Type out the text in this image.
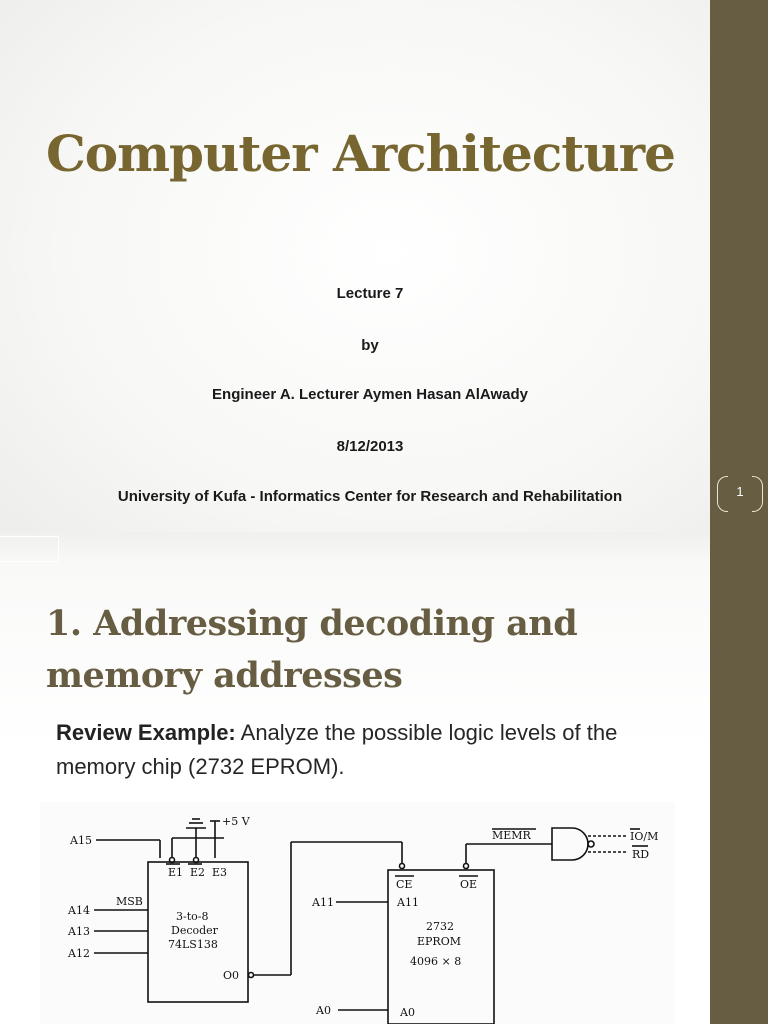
Computer Architecture
Lecture 7
by
Engineer A. Lecturer Aymen Hasan AlAwady
8/12/2013
University of Kufa - Informatics Center for Research and Rehabilitation	1
1. Addressing decoding and
memory addresses
Review Example: Analyze the possible logic levels of the memory chip (2732 EPROM).
+5 V
E1 E2 E3
3-to-8
Decoder
74LS138
A15
MSB
A14
A13
A12
O0
CE	OE
A11
2732
EPROM
4096 × 8
A0
A11
A0
MEMR	IO/M
RD
